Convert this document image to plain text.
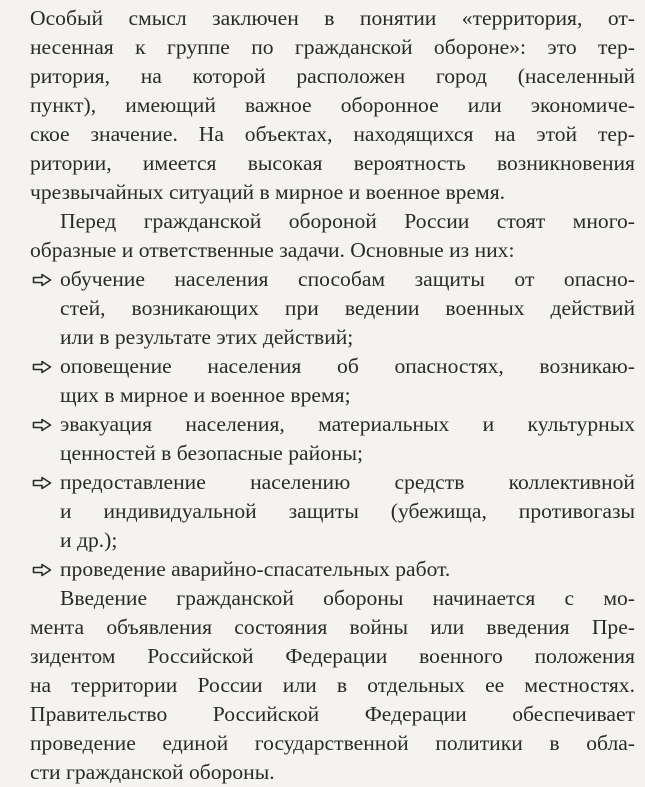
Особый смысл заключен в понятии «территория, от-
несенная к группе по гражданской обороне»: это тер-
ритория, на которой расположен город (населенный
пункт), имеющий важное оборонное или экономиче-
ское значение. На объектах, находящихся на этой тер-
ритории, имеется высокая вероятность возникновения
чрезвычайных ситуаций в мирное и военное время.
Перед гражданской обороной России стоят много-
образные и ответственные задачи. Основные из них:
обучение населения способам защиты от опасно-
стей, возникающих при ведении военных действий
или в результате этих действий;
оповещение населения об опасностях, возникаю-
щих в мирное и военное время;
эвакуация населения, материальных и культурных
ценностей в безопасные районы;
предоставление населению средств коллективной
и индивидуальной защиты (убежища, противогазы
и др.);
проведение аварийно-спасательных работ.
Введение гражданской обороны начинается с мо-
мента объявления состояния войны или введения Пре-
зидентом Российской Федерации военного положения
на территории России или в отдельных ее местностях.
Правительство Российской Федерации обеспечивает
проведение единой государственной политики в обла-
сти гражданской обороны.
